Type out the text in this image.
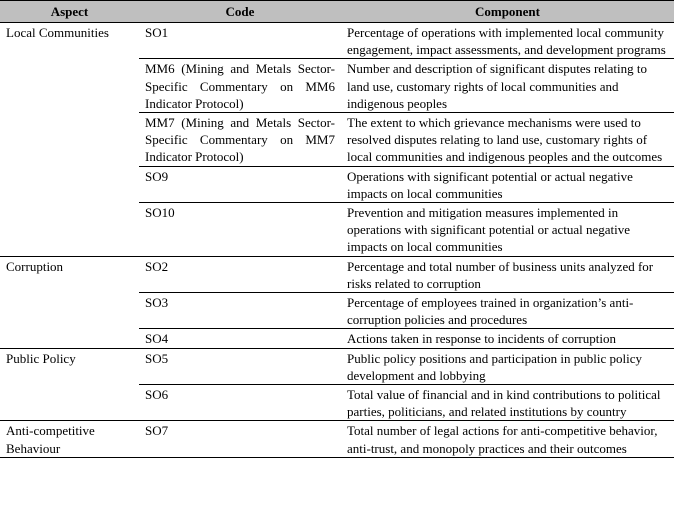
Aspect	Code	Component
Local Communities	SO1	Percentage of operations with implemented local community engagement, impact assessments, and development programs
	MM6 (Mining and Metals Sector-Specific Commentary on MM6 Indicator Protocol)	Number and description of significant disputes relating to land use, customary rights of local communities and indigenous peoples
	MM7 (Mining and Metals Sector-Specific Commentary on MM7 Indicator Protocol)	The extent to which grievance mechanisms were used to resolved disputes relating to land use, customary rights of local communities and indigenous peoples and the outcomes
	SO9	Operations with significant potential or actual negative impacts on local communities
	SO10	Prevention and mitigation measures implemented in operations with significant potential or actual negative impacts on local communities
Corruption	SO2	Percentage and total number of business units analyzed for risks related to corruption
	SO3	Percentage of employees trained in organization’s anti-corruption policies and procedures
	SO4	Actions taken in response to incidents of corruption
Public Policy	SO5	Public policy positions and participation in public policy development and lobbying
	SO6	Total value of financial and in kind contributions to political parties, politicians, and related institutions by country
Anti-competitive Behaviour	SO7	Total number of legal actions for anti-competitive behavior, anti-trust, and monopoly practices and their outcomes
